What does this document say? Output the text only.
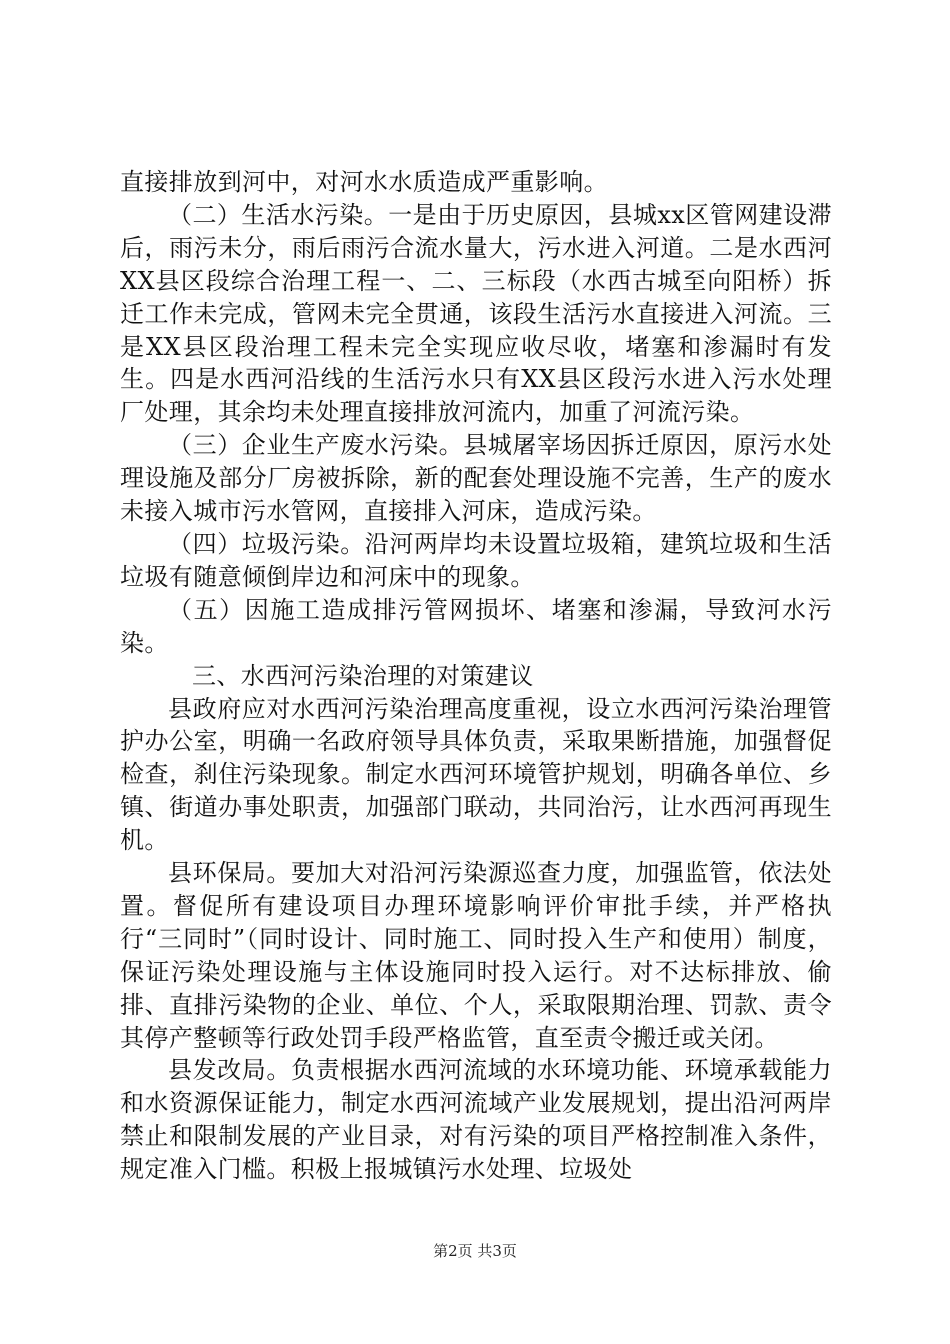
直接排放到河中，对河水水质造成严重影响。

（二）生活水污染。一是由于历史原因，县城xx区管网建设滞后，雨污未分，雨后雨污合流水量大，污水进入河道。二是水西河XX县区段综合治理工程一、二、三标段（水西古城至向阳桥）拆迁工作未完成，管网未完全贯通，该段生活污水直接进入河流。三是XX县区段治理工程未完全实现应收尽收，堵塞和渗漏时有发生。四是水西河沿线的生活污水只有XX县区段污水进入污水处理厂处理，其余均未处理直接排放河流内，加重了河流污染。

（三）企业生产废水污染。县城屠宰场因拆迁原因，原污水处理设施及部分厂房被拆除，新的配套处理设施不完善，生产的废水未接入城市污水管网，直接排入河床，造成污染。

（四）垃圾污染。沿河两岸均未设置垃圾箱，建筑垃圾和生活垃圾有随意倾倒岸边和河床中的现象。

（五）因施工造成排污管网损坏、堵塞和渗漏，导致河水污染。

三、水西河污染治理的对策建议

县政府应对水西河污染治理高度重视，设立水西河污染治理管护办公室，明确一名政府领导具体负责，采取果断措施，加强督促检查，刹住污染现象。制定水西河环境管护规划，明确各单位、乡镇、街道办事处职责，加强部门联动，共同治污，让水西河再现生机。

县环保局。要加大对沿河污染源巡查力度，加强监管，依法处置。督促所有建设项目办理环境影响评价审批手续，并严格执行“三同时”（同时设计、同时施工、同时投入生产和使用）制度，保证污染处理设施与主体设施同时投入运行。对不达标排放、偷排、直排污染物的企业、单位、个人，采取限期治理、罚款、责令其停产整顿等行政处罚手段严格监管，直至责令搬迁或关闭。

县发改局。负责根据水西河流域的水环境功能、环境承载能力和水资源保证能力，制定水西河流域产业发展规划，提出沿河两岸禁止和限制发展的产业目录，对有污染的项目严格控制准入条件，规定准入门槛。积极上报城镇污水处理、垃圾处

第2页 共3页
